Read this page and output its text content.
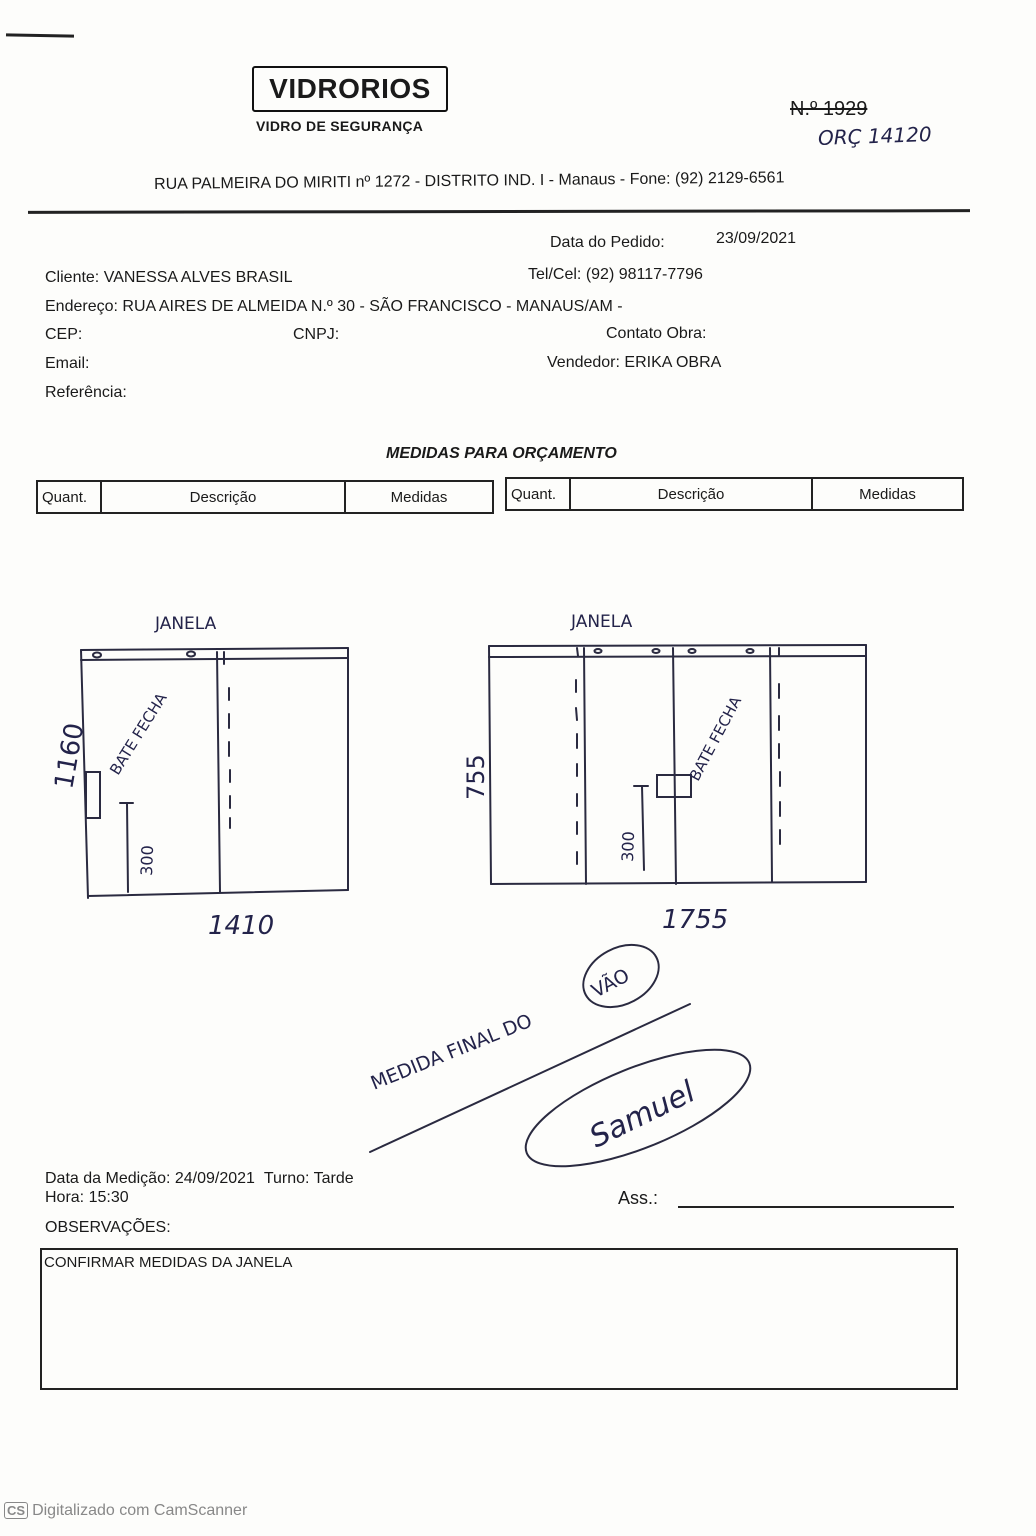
VIDRORIOS
VIDRO DE SEGURANÇA
N.º 1929
ORÇ 14120
RUA PALMEIRA DO MIRITI nº 1272 - DISTRITO IND. I - Manaus - Fone: (92) 2129-6561
Data do Pedido:	23/09/2021
Cliente: VANESSA ALVES BRASIL	Tel/Cel: (92) 98117-7796
Endereço: RUA AIRES DE ALMEIDA N.º 30 - SÃO FRANCISCO - MANAUS/AM -
CEP:	CNPJ:	Contato Obra:
Email:	Vendedor: ERIKA OBRA
Referência:
MEDIDAS PARA ORÇAMENTO
Quant.	Descrição	Medidas	Quant.	Descrição	Medidas
JANELA	JANELA
1160	755
1410	1755
BATE FECHA	BATE FECHA
300	300
MEDIDA FINAL DO
VÃO
Samuel
Data da Medição: 24/09/2021 Turno: Tarde
Hora: 15:30	Ass.:
OBSERVAÇÕES:
CONFIRMAR MEDIDAS DA JANELA
CS Digitalizado com CamScanner
